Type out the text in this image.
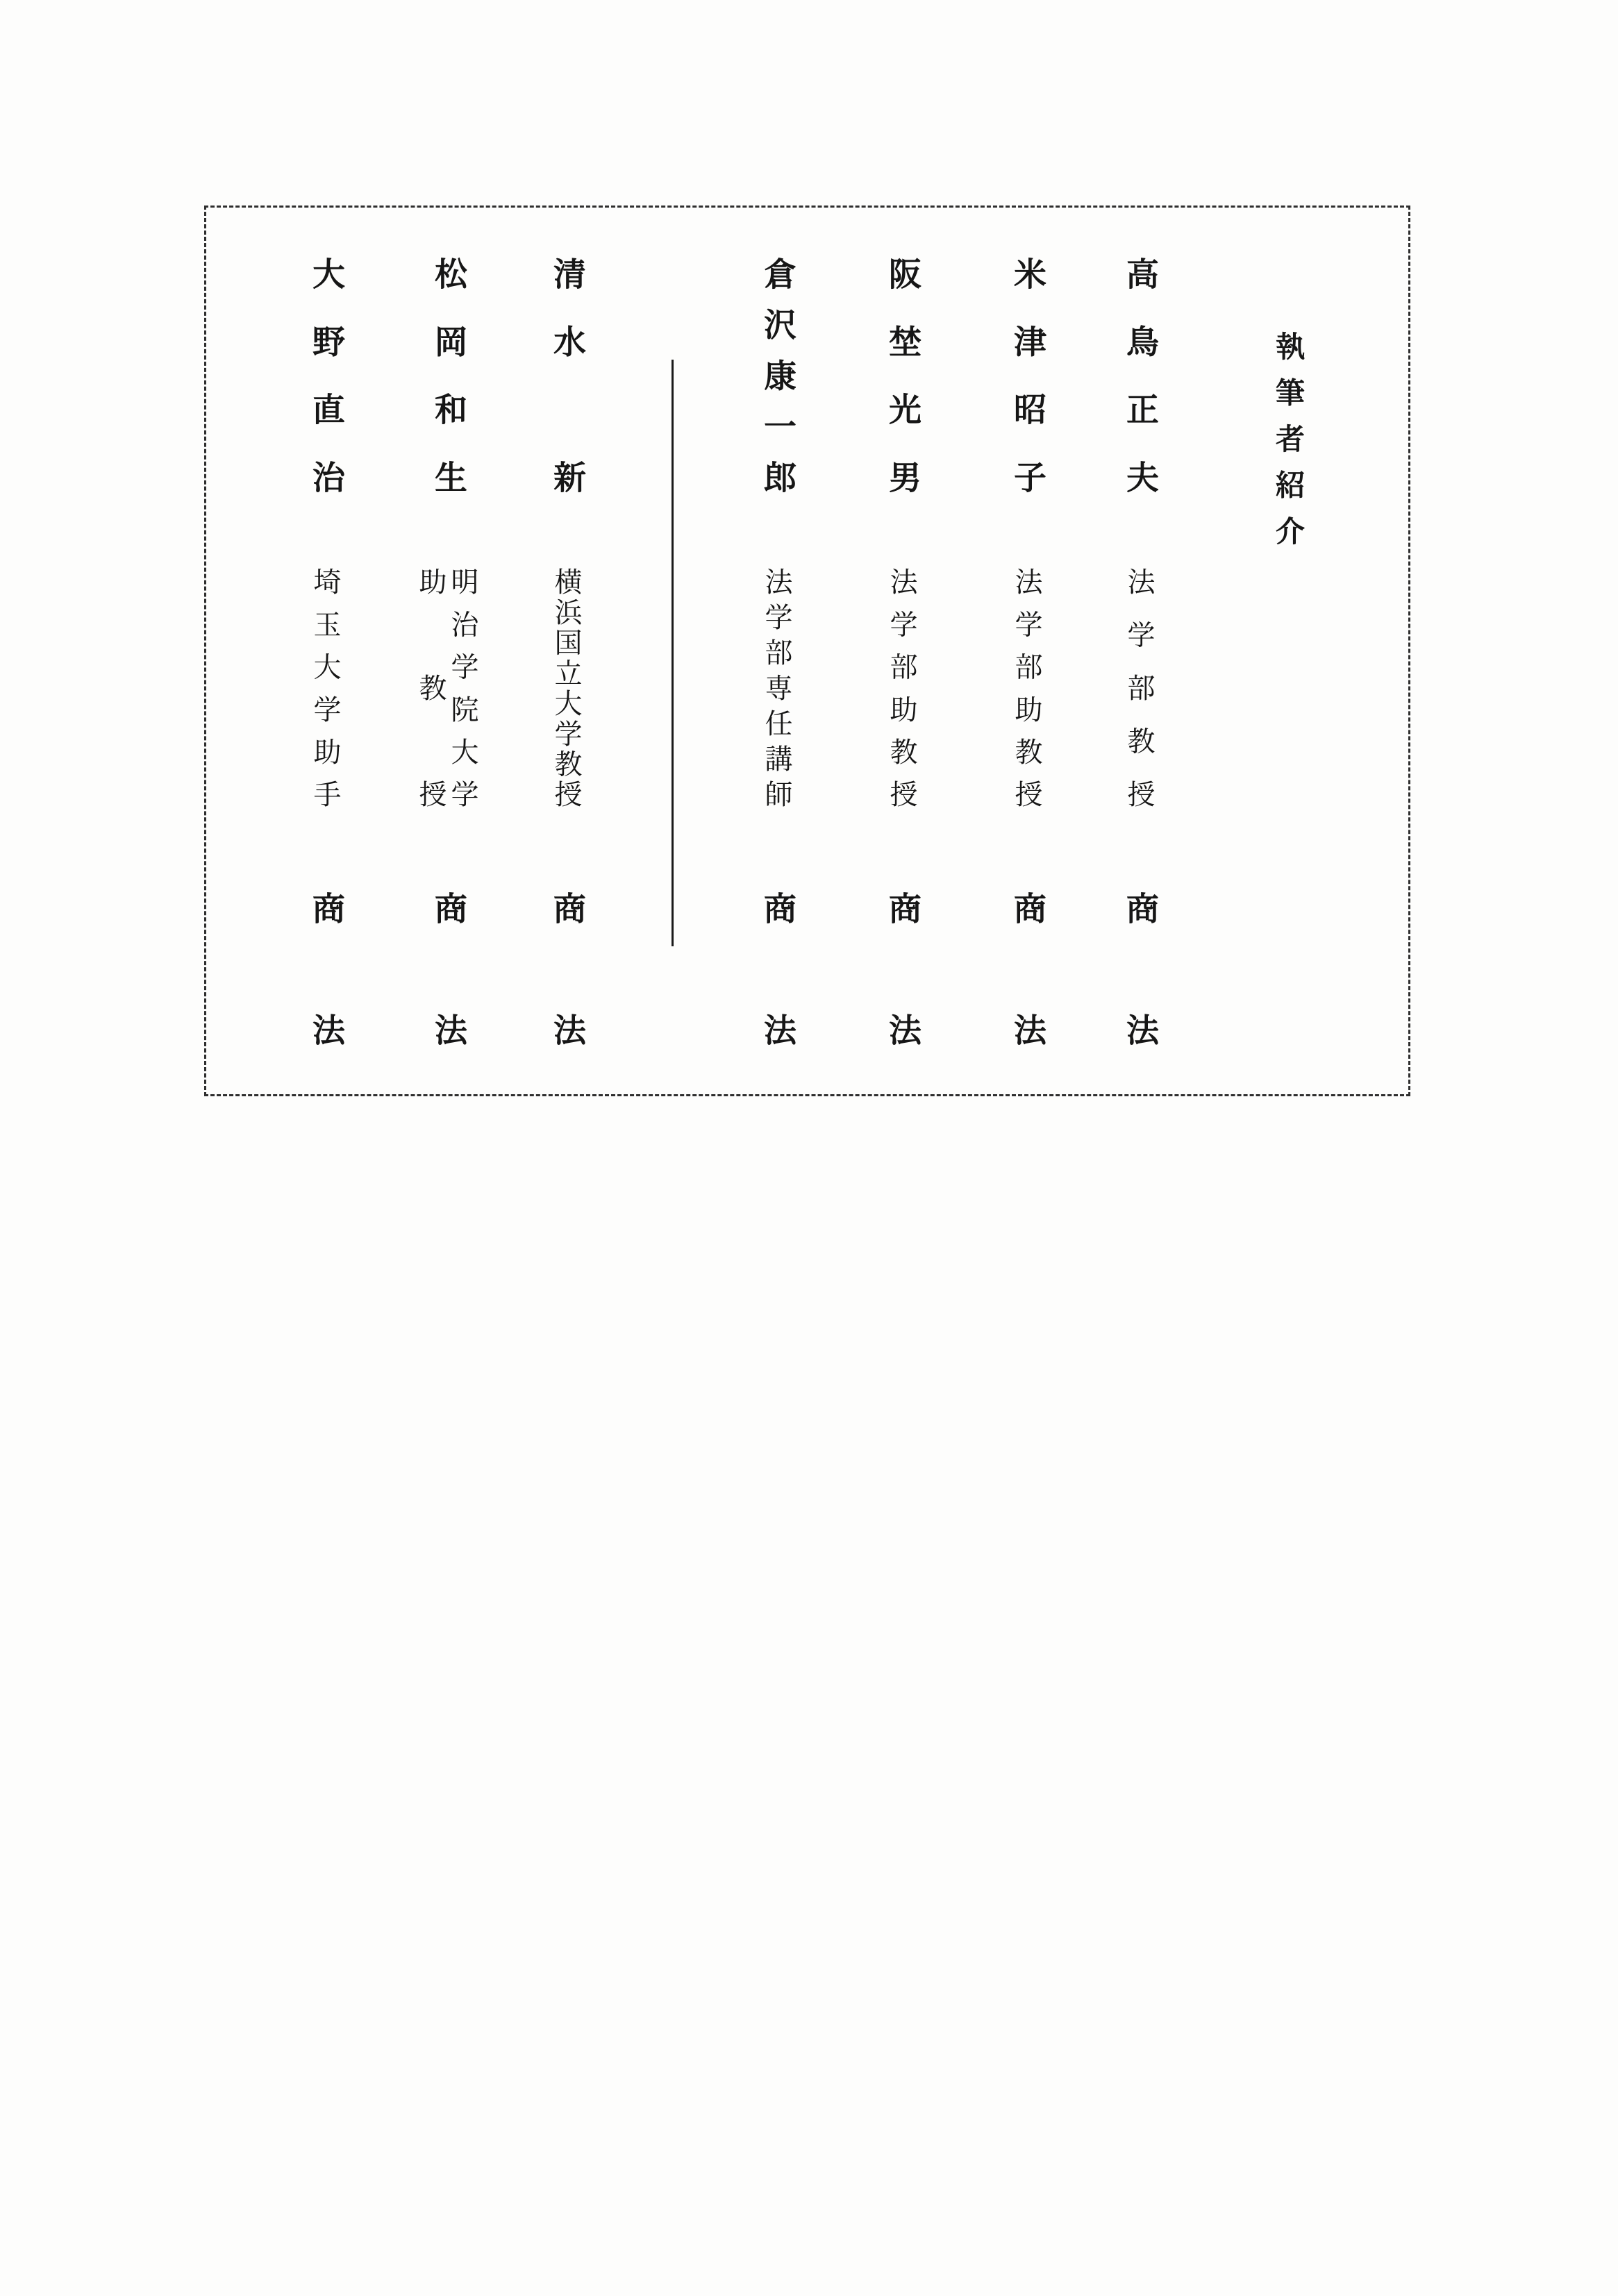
執筆者紹介
高鳥正夫
法学部教授
商法
米津昭子
法学部助教授
商法
阪埜光男
法学部助教授
商法
倉沢康一郎
法学部専任講師
商法
清水　新
横浜国立大学教授
商法
松岡和生
明治学院大学
助教授
商法
大野直治
埼玉大学助手
商法
